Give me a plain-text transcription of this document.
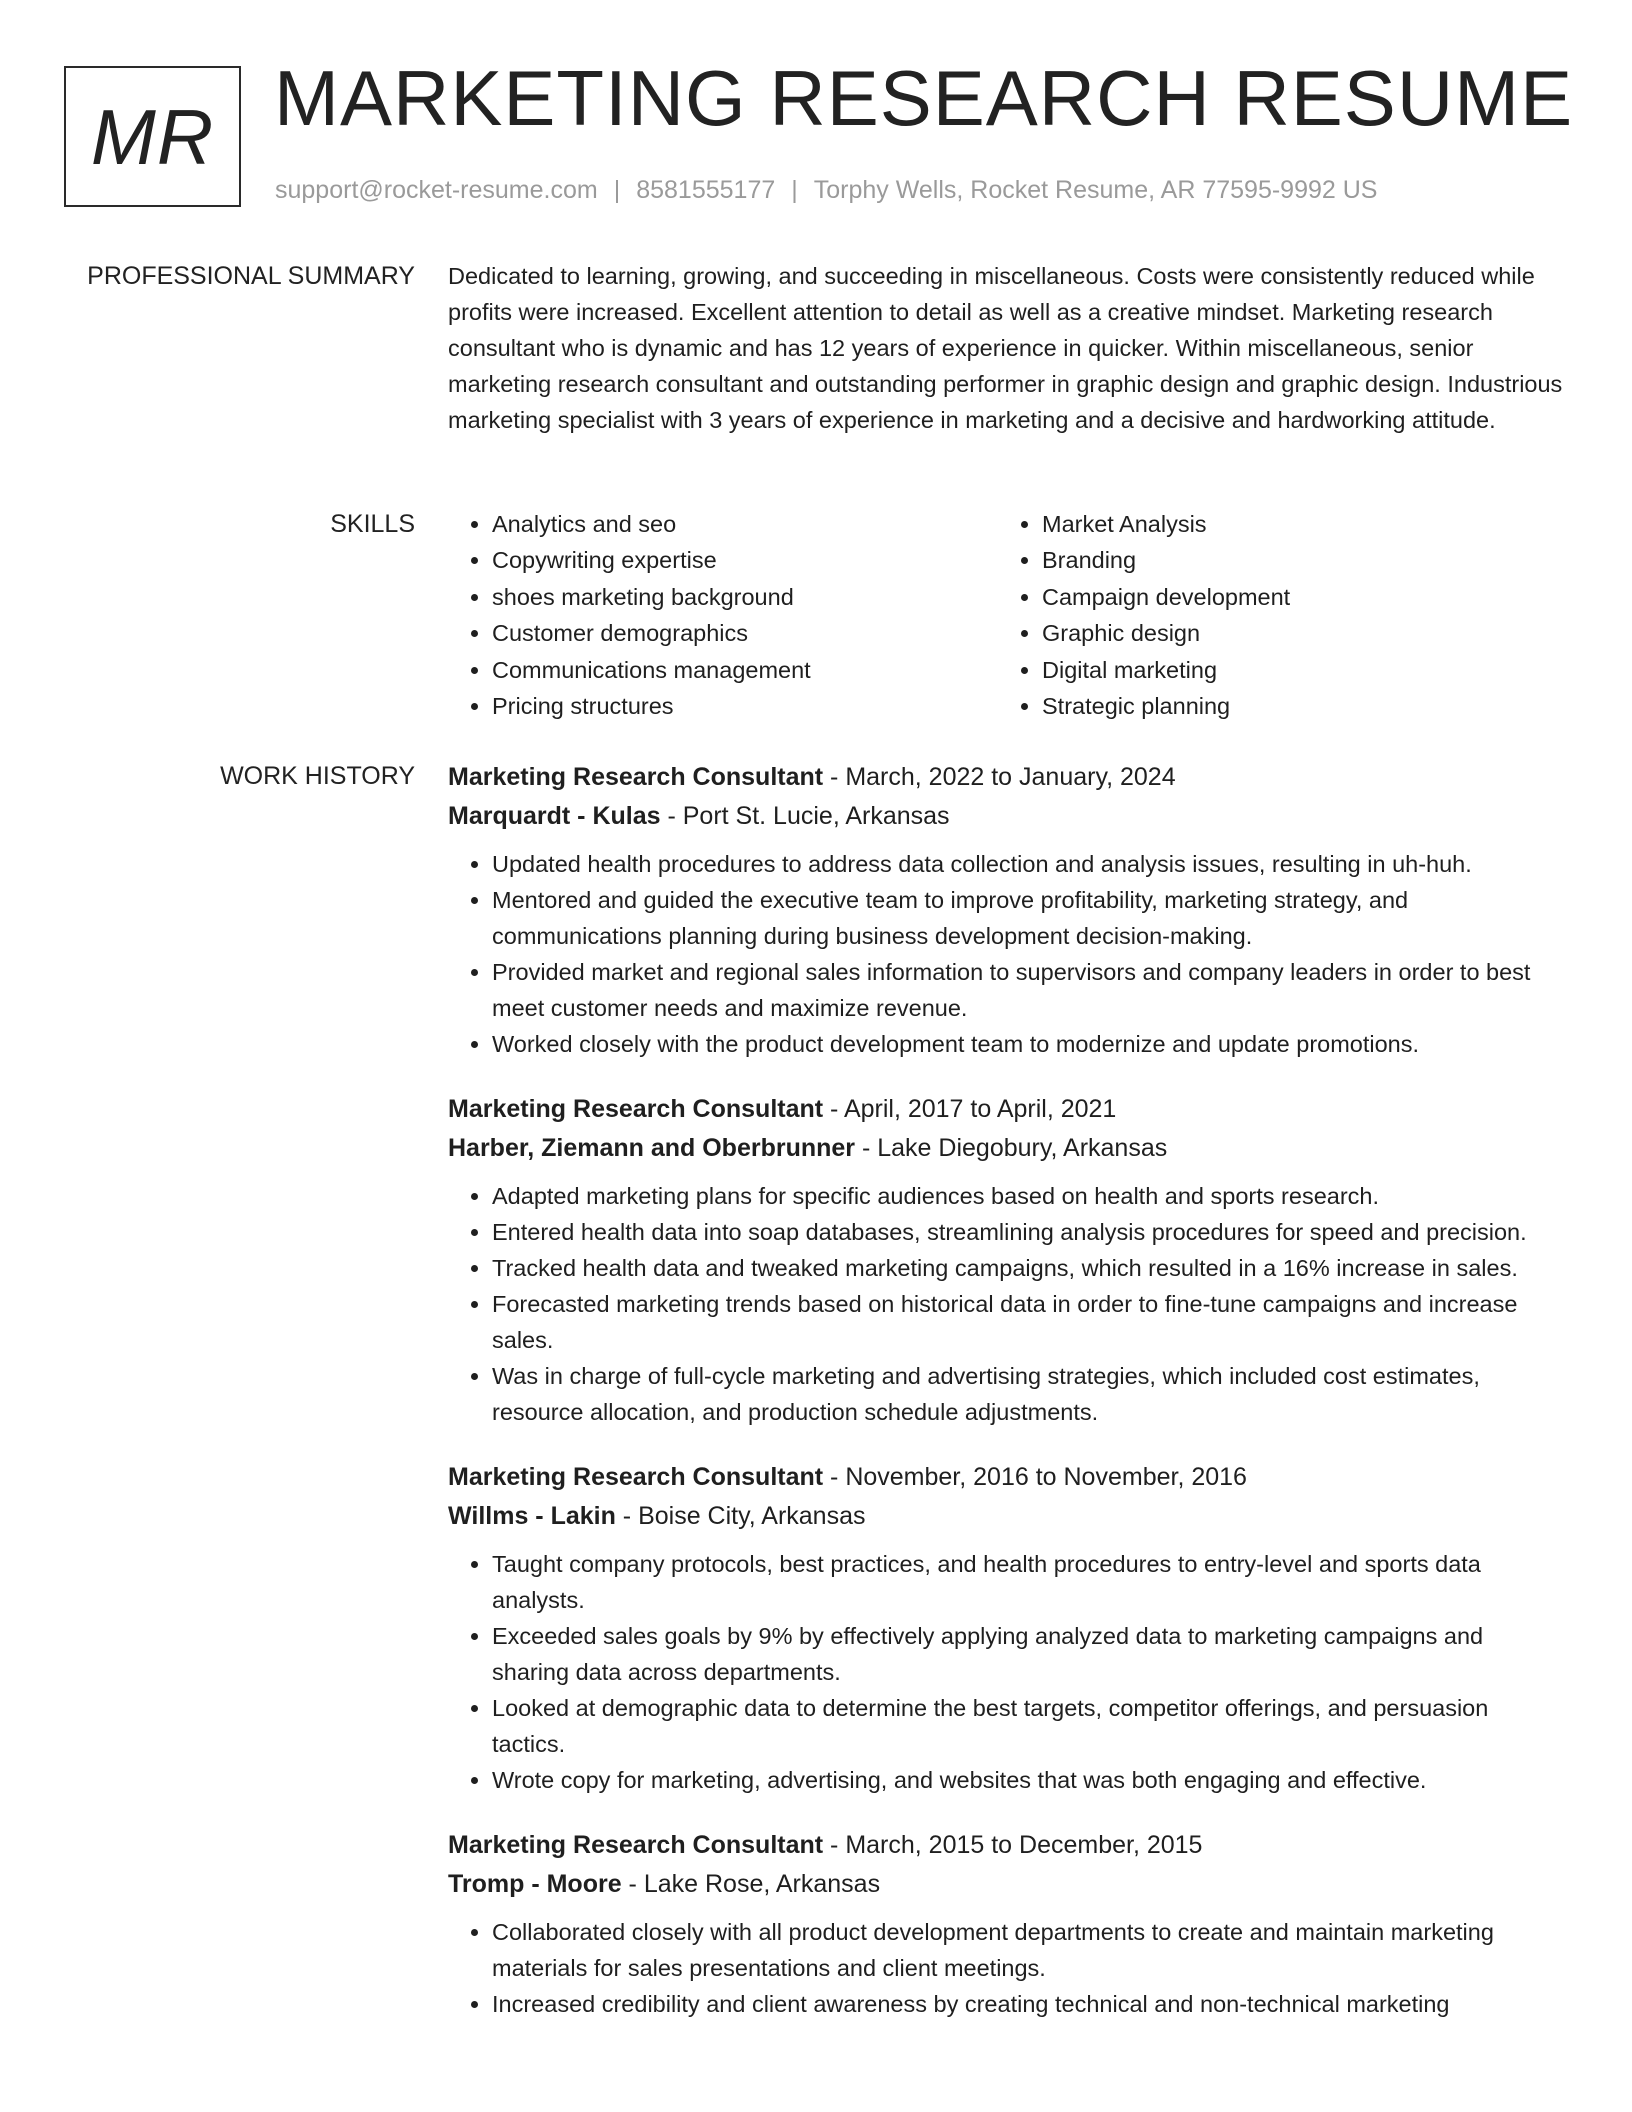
MR MARKETING RESEARCH RESUME
support@rocket-resume.com | 8581555177 | Torphy Wells, Rocket Resume, AR 77595-9992 US
PROFESSIONAL SUMMARY Dedicated to learning, growing, and succeeding in miscellaneous. Costs were consistently reduced while profits were increased. Excellent attention to detail as well as a creative mindset. Marketing research consultant who is dynamic and has 12 years of experience in quicker. Within miscellaneous, senior marketing research consultant and outstanding performer in graphic design and graphic design. Industrious marketing specialist with 3 years of experience in marketing and a decisive and hardworking attitude.

SKILLS
•	Analytics and seo
• Copywriting expertise
• shoes marketing background
• Customer demographics
• Communications management
• Pricing structures
• Market Analysis
• Branding
• Campaign development
• Graphic design
• Digital marketing
• Strategic planning
WORK HISTORY Marketing Research Consultant - March, 2022 to January, 2024
Marquardt - Kulas - Port St. Lucie, Arkansas
• Updated health procedures to address data collection and analysis issues, resulting in uh-huh.
• Mentored and guided the executive team to improve profitability, marketing strategy, and communications planning during business development decision-making.
• Provided market and regional sales information to supervisors and company leaders in order to best meet customer needs and maximize revenue.
• Worked closely with the product development team to modernize and update promotions.
Marketing Research Consultant - April, 2017 to April, 2021
Harber, Ziemann and Oberbrunner - Lake Diegobury, Arkansas
• Adapted marketing plans for specific audiences based on health and sports research.
• Entered health data into soap databases, streamlining analysis procedures for speed and precision.
• Tracked health data and tweaked marketing campaigns, which resulted in a 16% increase in sales.
• Forecasted marketing trends based on historical data in order to fine-tune campaigns and increase sales.
• Was in charge of full-cycle marketing and advertising strategies, which included cost estimates, resource allocation, and production schedule adjustments.
Marketing Research Consultant - November, 2016 to November, 2016
Willms - Lakin - Boise City, Arkansas
• Taught company protocols, best practices, and health procedures to entry-level and sports data analysts.
• Exceeded sales goals by 9% by effectively applying analyzed data to marketing campaigns and sharing data across departments.
• Looked at demographic data to determine the best targets, competitor offerings, and persuasion tactics.
• Wrote copy for marketing, advertising, and websites that was both engaging and effective.
Marketing Research Consultant - March, 2015 to December, 2015
Tromp - Moore - Lake Rose, Arkansas
• Collaborated closely with all product development departments to create and maintain marketing materials for sales presentations and client meetings.
• Increased credibility and client awareness by creating technical and non-technical marketing
